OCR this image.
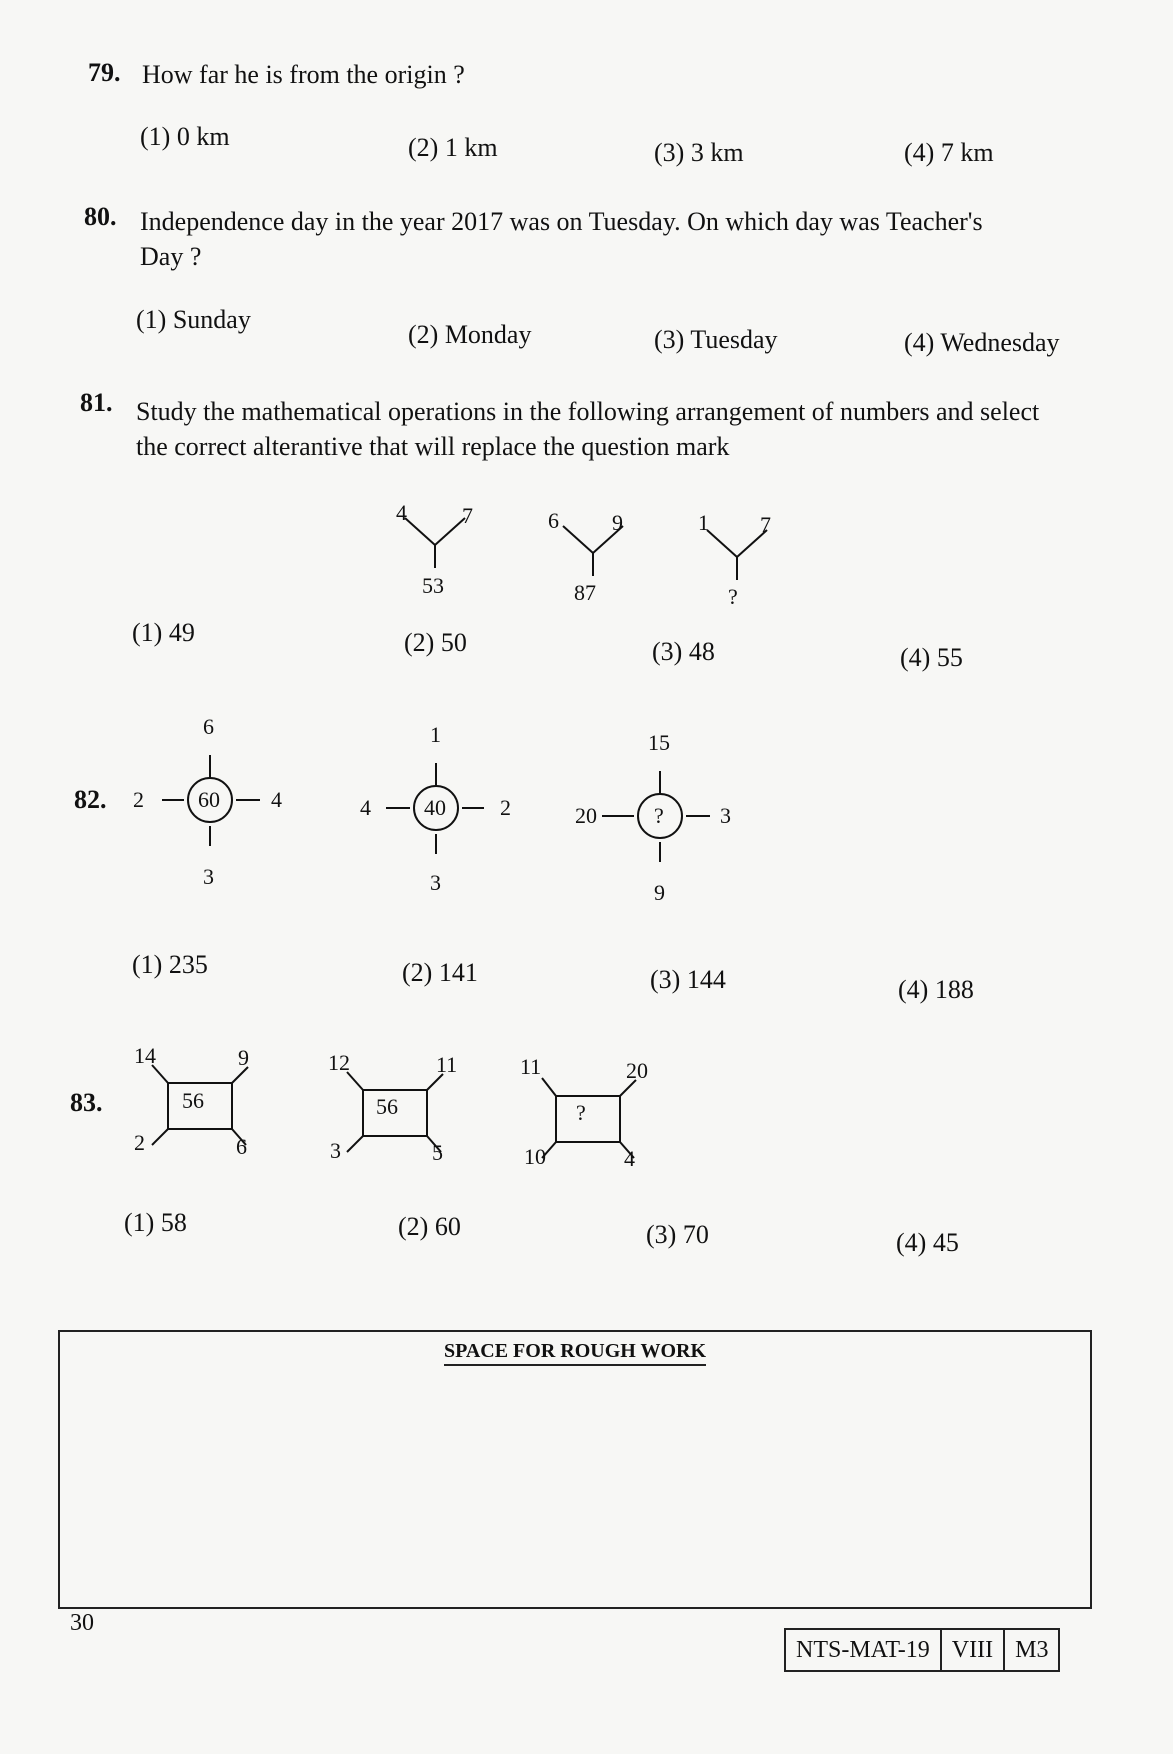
79. How far he is from the origin ?
(1) 0 km	(2) 1 km	(3) 3 km	(4) 7 km
80. Independence day in the year 2017 was on Tuesday. On which day was Teacher's
Day ?
(1) Sunday
(2) Monday	(3) Tuesday	(4) Wednesday
81. Study the mathematical operations in the following arrangement of numbers and select
the correct alterantive that will replace the question mark
4	7
53
6 9
87
1 7
?
(1) 49	(2) 50	(3) 48	(4) 55
82.
6
2 60 4
3
1
4 40 2
3
15
20	?	3
9
(1) 235	(2) 141	(3) 144	(4) 188
83.
14	9
56
2	6
12	11
56
3	5
11	20
?
10	4
(1) 58	(2) 60	(3) 70	(4) 45
SPACE FOR ROUGH WORK
30
NTS-MAT-19 VIII M3
